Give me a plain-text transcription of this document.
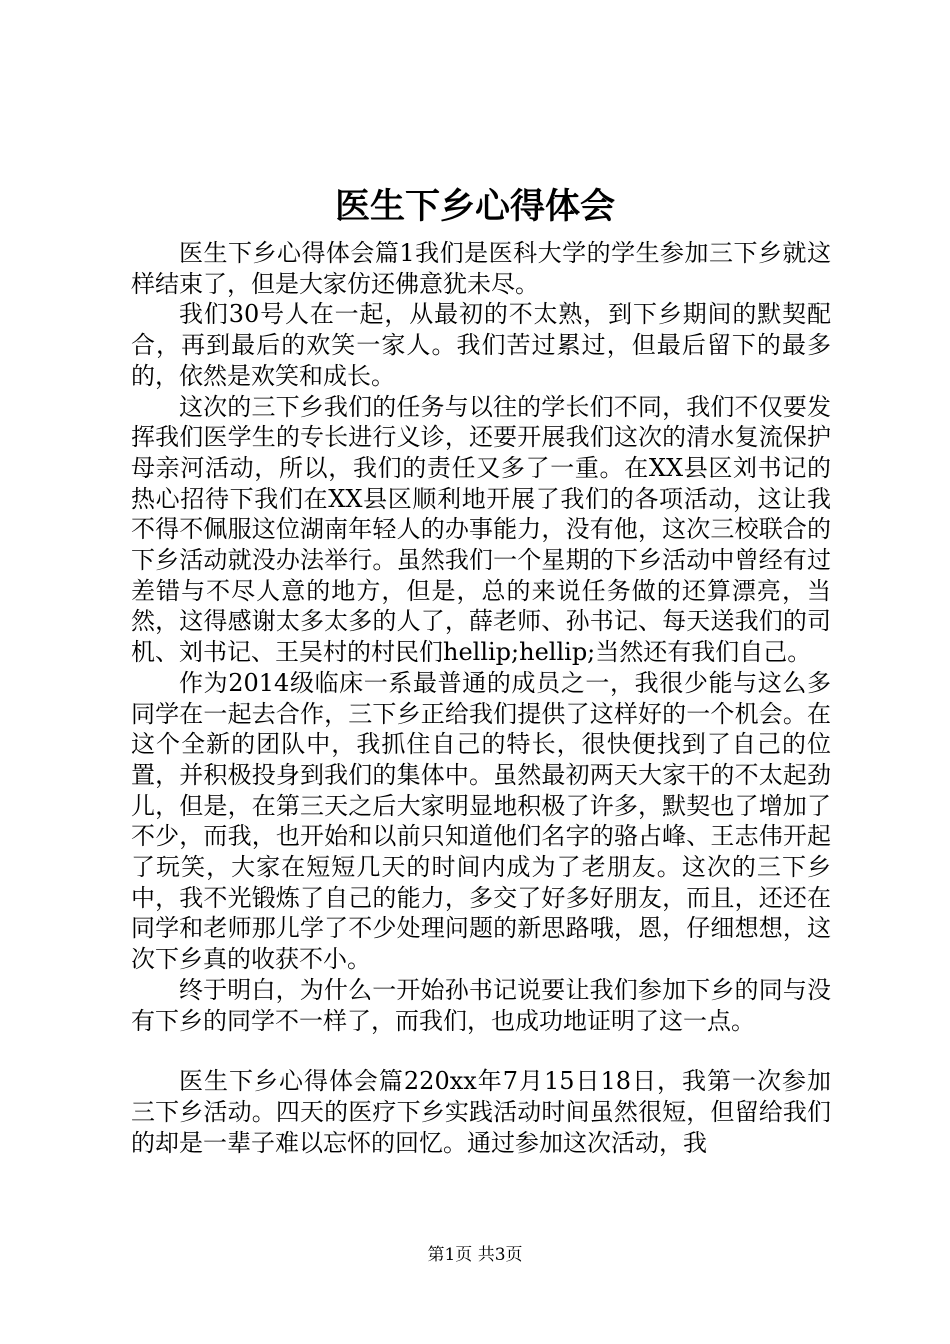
医生下乡心得体会

医生下乡心得体会篇1我们是医科大学的学生参加三下乡就这样结束了，但是大家仿还佛意犹未尽。

我们30号人在一起，从最初的不太熟，到下乡期间的默契配合，再到最后的欢笑一家人。我们苦过累过，但最后留下的最多的，依然是欢笑和成长。

这次的三下乡我们的任务与以往的学长们不同，我们不仅要发挥我们医学生的专长进行义诊，还要开展我们这次的清水复流保护母亲河活动，所以，我们的责任又多了一重。在XX县区刘书记的热心招待下我们在XX县区顺利地开展了我们的各项活动，这让我不得不佩服这位湖南年轻人的办事能力，没有他，这次三校联合的下乡活动就没办法举行。虽然我们一个星期的下乡活动中曾经有过差错与不尽人意的地方，但是，总的来说任务做的还算漂亮，当然，这得感谢太多太多的人了，薛老师、孙书记、每天送我们的司机、刘书记、王吴村的村民们hellip;hellip;当然还有我们自己。

作为2014级临床一系最普通的成员之一，我很少能与这么多同学在一起去合作，三下乡正给我们提供了这样好的一个机会。在这个全新的团队中，我抓住自己的特长，很快便找到了自己的位置，并积极投身到我们的集体中。虽然最初两天大家干的不太起劲儿，但是，在第三天之后大家明显地积极了许多，默契也了增加了不少，而我，也开始和以前只知道他们名字的骆占峰、王志伟开起了玩笑，大家在短短几天的时间内成为了老朋友。这次的三下乡中，我不光锻炼了自己的能力，多交了好多好朋友，而且，还还在同学和老师那儿学了不少处理问题的新思路哦，恩，仔细想想，这次下乡真的收获不小。

终于明白，为什么一开始孙书记说要让我们参加下乡的同与没有下乡的同学不一样了，而我们，也成功地证明了这一点。

医生下乡心得体会篇220xx年7月15日18日，我第一次参加三下乡活动。四天的医疗下乡实践活动时间虽然很短，但留给我们的却是一辈子难以忘怀的回忆。通过参加这次活动，我

第1页 共3页
